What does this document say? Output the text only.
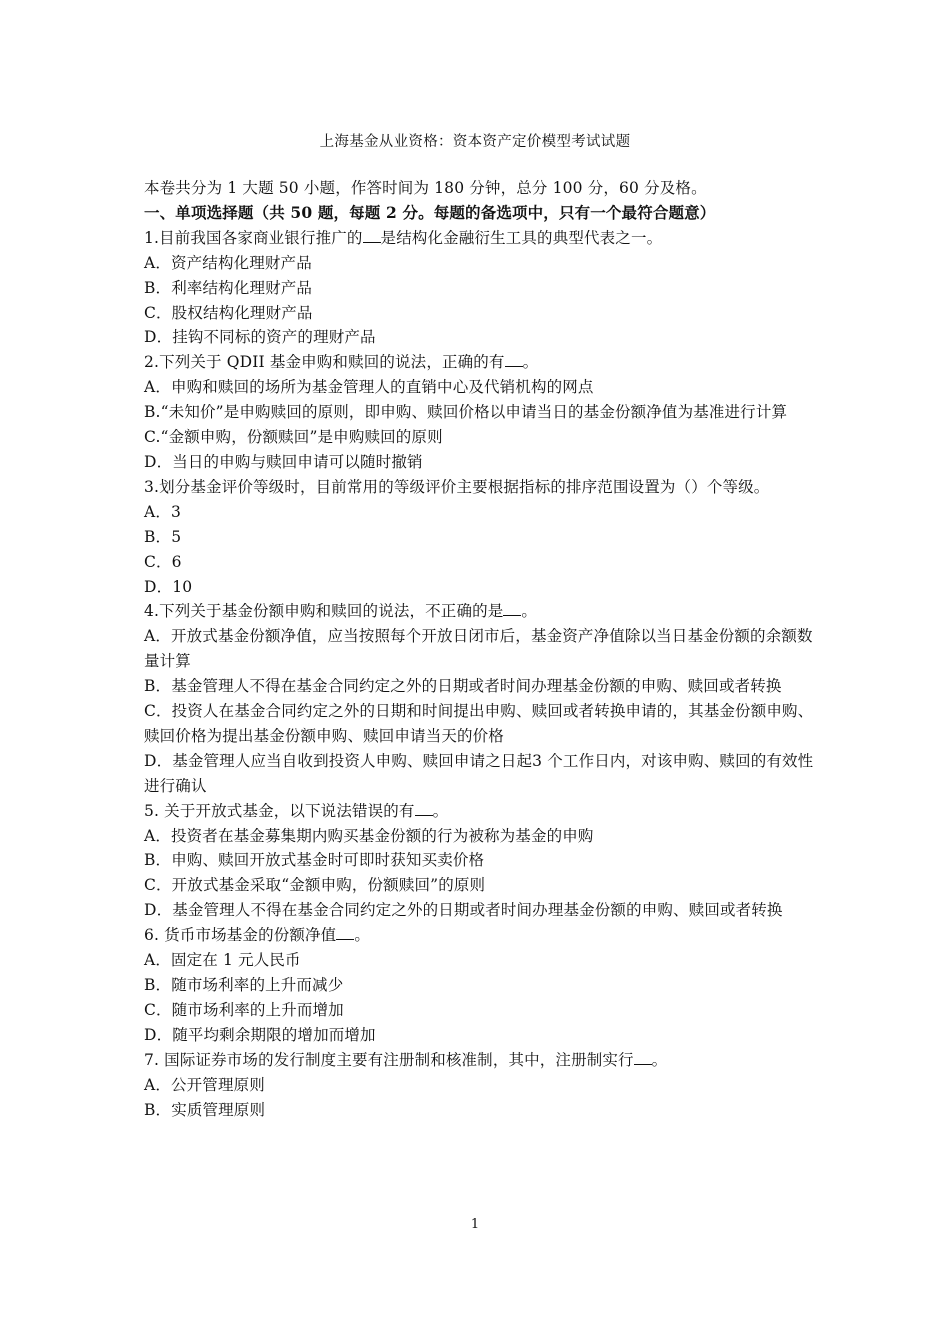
上海基金从业资格：资本资产定价模型考试试题
本卷共分为 1 大题 50 小题，作答时间为 180 分钟，总分 100 分，60 分及格。
一、单项选择题（共 50 题，每题 2 分。每题的备选项中，只有一个最符合题意）
1.目前我国各家商业银行推广的 是结构化金融衍生工具的典型代表之一。
A．资产结构化理财产品
B．利率结构化理财产品
C．股权结构化理财产品
D．挂钩不同标的资产的理财产品
2.下列关于 QDII 基金申购和赎回的说法，正确的有 。
A．申购和赎回的场所为基金管理人的直销中心及代销机构的网点
B.“未知价”是申购赎回的原则，即申购、赎回价格以申请当日的基金份额净值为基准进行计算
C.“金额申购，份额赎回”是申购赎回的原则
D．当日的申购与赎回申请可以随时撤销
3.划分基金评价等级时，目前常用的等级评价主要根据指标的排序范围设置为（）个等级。
A．3
B．5
C．6
D．10
4.下列关于基金份额申购和赎回的说法，不正确的是 。
A．开放式基金份额净值，应当按照每个开放日闭市后，基金资产净值除以当日基金份额的余额数量计算
B．基金管理人不得在基金合同约定之外的日期或者时间办理基金份额的申购、赎回或者转换
C．投资人在基金合同约定之外的日期和时间提出申购、赎回或者转换申请的，其基金份额申购、赎回价格为提出基金份额申购、赎回申请当天的价格
D．基金管理人应当自收到投资人申购、赎回申请之日起3 个工作日内，对该申购、赎回的有效性进行确认
5. 关于开放式基金，以下说法错误的有 。
A．投资者在基金募集期内购买基金份额的行为被称为基金的申购
B．申购、赎回开放式基金时可即时获知买卖价格
C．开放式基金采取“金额申购，份额赎回”的原则
D．基金管理人不得在基金合同约定之外的日期或者时间办理基金份额的申购、赎回或者转换
6. 货币市场基金的份额净值 。
A．固定在 1 元人民币
B．随市场利率的上升而减少
C．随市场利率的上升而增加
D．随平均剩余期限的增加而增加
7. 国际证券市场的发行制度主要有注册制和核准制，其中，注册制实行 。
A．公开管理原则
B．实质管理原则
1
